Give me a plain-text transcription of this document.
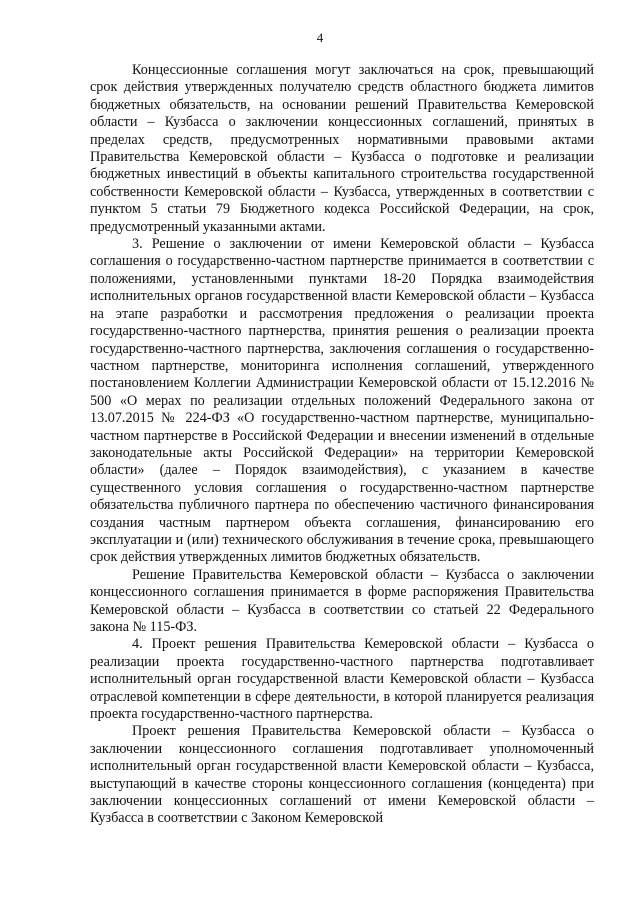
4

Концессионные соглашения могут заключаться на срок, превышающий срок действия утвержденных получателю средств областного бюджета лимитов бюджетных обязательств, на основании решений Правительства Кемеровской области – Кузбасса о заключении концессионных соглашений, принятых в пределах средств, предусмотренных нормативными правовыми актами Правительства Кемеровской области – Кузбасса о подготовке и реализации бюджетных инвестиций в объекты капитального строительства государственной собственности Кемеровской области – Кузбасса, утвержденных в соответствии с пунктом 5 статьи 79 Бюджетного кодекса Российской Федерации, на срок, предусмотренный указанными актами.

3. Решение о заключении от имени Кемеровской области – Кузбасса соглашения о государственно-частном партнерстве принимается в соответствии с положениями, установленными пунктами 18-20 Порядка взаимодействия исполнительных органов государственной власти Кемеровской области – Кузбасса на этапе разработки и рассмотрения предложения о реализации проекта государственно-частного партнерства, принятия решения о реализации проекта государственно-частного партнерства, заключения соглашения о государственно-частном партнерстве, мониторинга исполнения соглашений, утвержденного постановлением Коллегии Администрации Кемеровской области от 15.12.2016 № 500 «О мерах по реализации отдельных положений Федерального закона от 13.07.2015 № 224-ФЗ «О государственно-частном партнерстве, муниципально-частном партнерстве в Российской Федерации и внесении изменений в отдельные законодательные акты Российской Федерации» на территории Кемеровской области» (далее – Порядок взаимодействия), с указанием в качестве существенного условия соглашения о государственно-частном партнерстве обязательства публичного партнера по обеспечению частичного финансирования создания частным партнером объекта соглашения, финансированию его эксплуатации и (или) технического обслуживания в течение срока, превышающего срок действия утвержденных лимитов бюджетных обязательств.

Решение Правительства Кемеровской области – Кузбасса о заключении концессионного соглашения принимается в форме распоряжения Правительства Кемеровской области – Кузбасса в соответствии со статьей 22 Федерального закона № 115-ФЗ.

4. Проект решения Правительства Кемеровской области – Кузбасса о реализации проекта государственно-частного партнерства подготавливает исполнительный орган государственной власти Кемеровской области – Кузбасса отраслевой компетенции в сфере деятельности, в которой планируется реализация проекта государственно-частного партнерства.

Проект решения Правительства Кемеровской области – Кузбасса о заключении концессионного соглашения подготавливает уполномоченный исполнительный орган государственной власти Кемеровской области – Кузбасса, выступающий в качестве стороны концессионного соглашения (концедента) при заключении концессионных соглашений от имени Кемеровской области – Кузбасса в соответствии с Законом Кемеровской
